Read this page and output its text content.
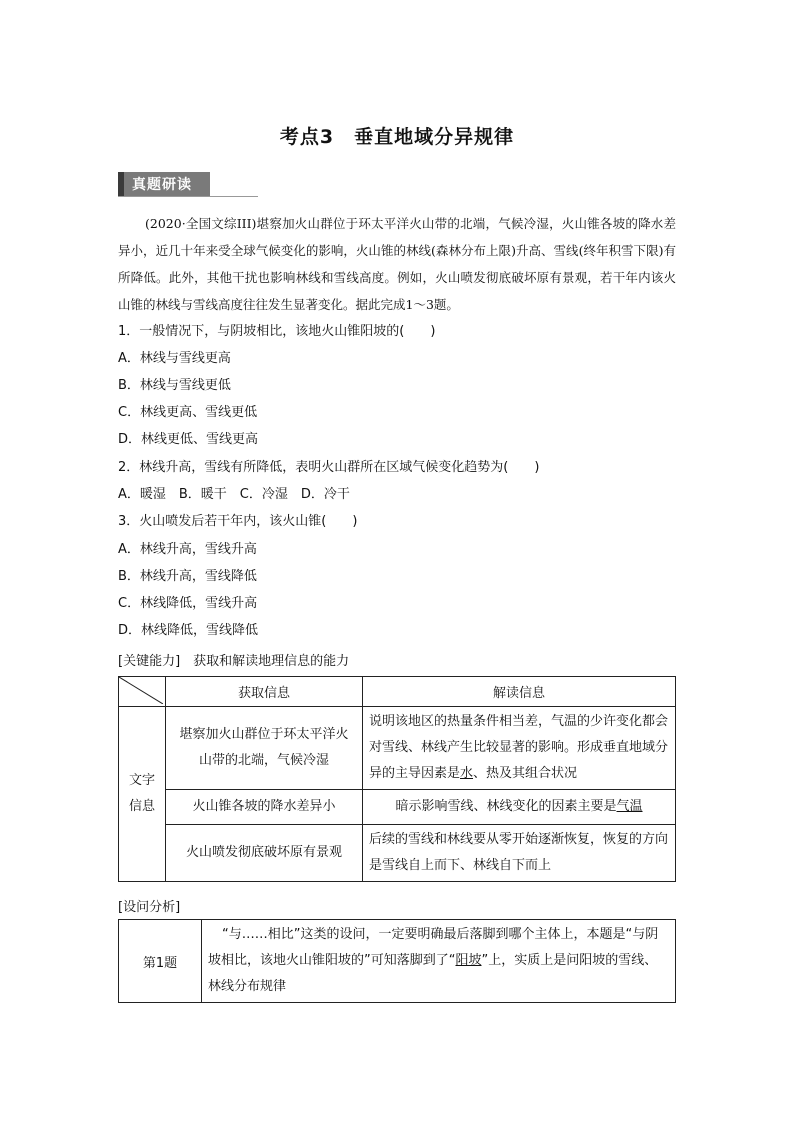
考点3　垂直地域分异规律
真题研读
(2020·全国文综III)堪察加火山群位于环太平洋火山带的北端，气候冷湿，火山锥各坡的降水差异小，近几十年来受全球气候变化的影响，火山锥的林线(森林分布上限)升高、雪线(终年积雪下限)有所降低。此外，其他干扰也影响林线和雪线高度。例如，火山喷发彻底破坏原有景观，若干年内该火山锥的林线与雪线高度往往发生显著变化。据此完成1～3题。
1．一般情况下，与阴坡相比，该地火山锥阳坡的(　　)
A．林线与雪线更高
B．林线与雪线更低
C．林线更高、雪线更低
D．林线更低、雪线更高
2．林线升高，雪线有所降低，表明火山群所在区域气候变化趋势为(　　)
A．暖湿　B．暖干　C．冷湿　D．冷干
3．火山喷发后若干年内，该火山锥(　　)
A．林线升高，雪线升高
B．林线升高，雪线降低
C．林线降低，雪线升高
D．林线降低，雪线降低
[关键能力]　获取和解读地理信息的能力
	获取信息	解读信息

文字信息	堪察加火山群位于环太平洋火山带的北端，气候冷湿	说明该地区的热量条件相当差，气温的少许变化都会对雪线、林线产生比较显著的影响。形成垂直地域分异的主导因素是水、热及其组合状况
	火山锥各坡的降水差异小	暗示影响雪线、林线变化的因素主要是气温
	火山喷发彻底破坏原有景观	后续的雪线和林线要从零开始逐渐恢复，恢复的方向是雪线自上而下、林线自下而上
[设问分析]
第1题	“与……相比”这类的设问，一定要明确最后落脚到哪个主体上，本题是“与阴坡相比，该地火山锥阳坡的”可知落脚到了“阳坡”上，实质上是问阳坡的雪线、林线分布规律
